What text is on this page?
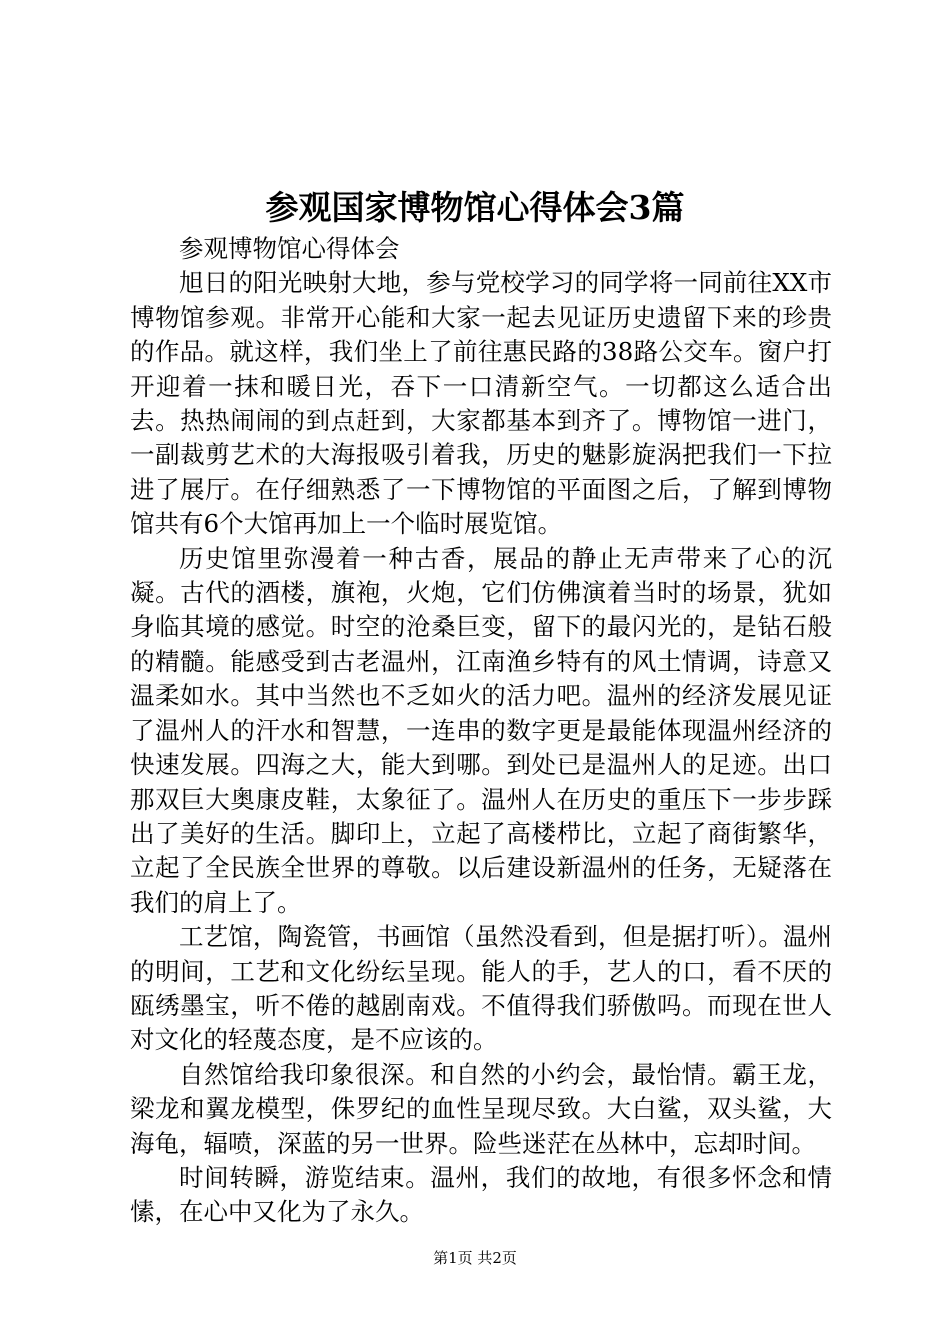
参观国家博物馆心得体会3篇

参观博物馆心得体会

旭日的阳光映射大地，参与党校学习的同学将一同前往XX市博物馆参观。非常开心能和大家一起去见证历史遗留下来的珍贵的作品。就这样，我们坐上了前往惠民路的38路公交车。窗户打开迎着一抹和暖日光，吞下一口清新空气。一切都这么适合出去。热热闹闹的到点赶到，大家都基本到齐了。博物馆一进门，一副裁剪艺术的大海报吸引着我，历史的魅影旋涡把我们一下拉进了展厅。在仔细熟悉了一下博物馆的平面图之后，了解到博物馆共有6个大馆再加上一个临时展览馆。

历史馆里弥漫着一种古香，展品的静止无声带来了心的沉凝。古代的酒楼，旗袍，火炮，它们仿佛演着当时的场景，犹如身临其境的感觉。时空的沧桑巨变，留下的最闪光的，是钻石般的精髓。能感受到古老温州，江南渔乡特有的风土情调，诗意又温柔如水。其中当然也不乏如火的活力吧。温州的经济发展见证了温州人的汗水和智慧，一连串的数字更是最能体现温州经济的快速发展。四海之大，能大到哪。到处已是温州人的足迹。出口那双巨大奥康皮鞋，太象征了。温州人在历史的重压下一步步踩出了美好的生活。脚印上，立起了高楼栉比，立起了商街繁华，立起了全民族全世界的尊敬。以后建设新温州的任务，无疑落在我们的肩上了。

工艺馆，陶瓷管，书画馆（虽然没看到，但是据打听）。温州的明间，工艺和文化纷纭呈现。能人的手，艺人的口，看不厌的瓯绣墨宝，听不倦的越剧南戏。不值得我们骄傲吗。而现在世人对文化的轻蔑态度，是不应该的。

自然馆给我印象很深。和自然的小约会，最怡情。霸王龙，梁龙和翼龙模型，侏罗纪的血性呈现尽致。大白鲨，双头鲨，大海龟，辐喷，深蓝的另一世界。险些迷茫在丛林中，忘却时间。

时间转瞬，游览结束。温州，我们的故地，有很多怀念和情愫，在心中又化为了永久。

第1页 共2页
